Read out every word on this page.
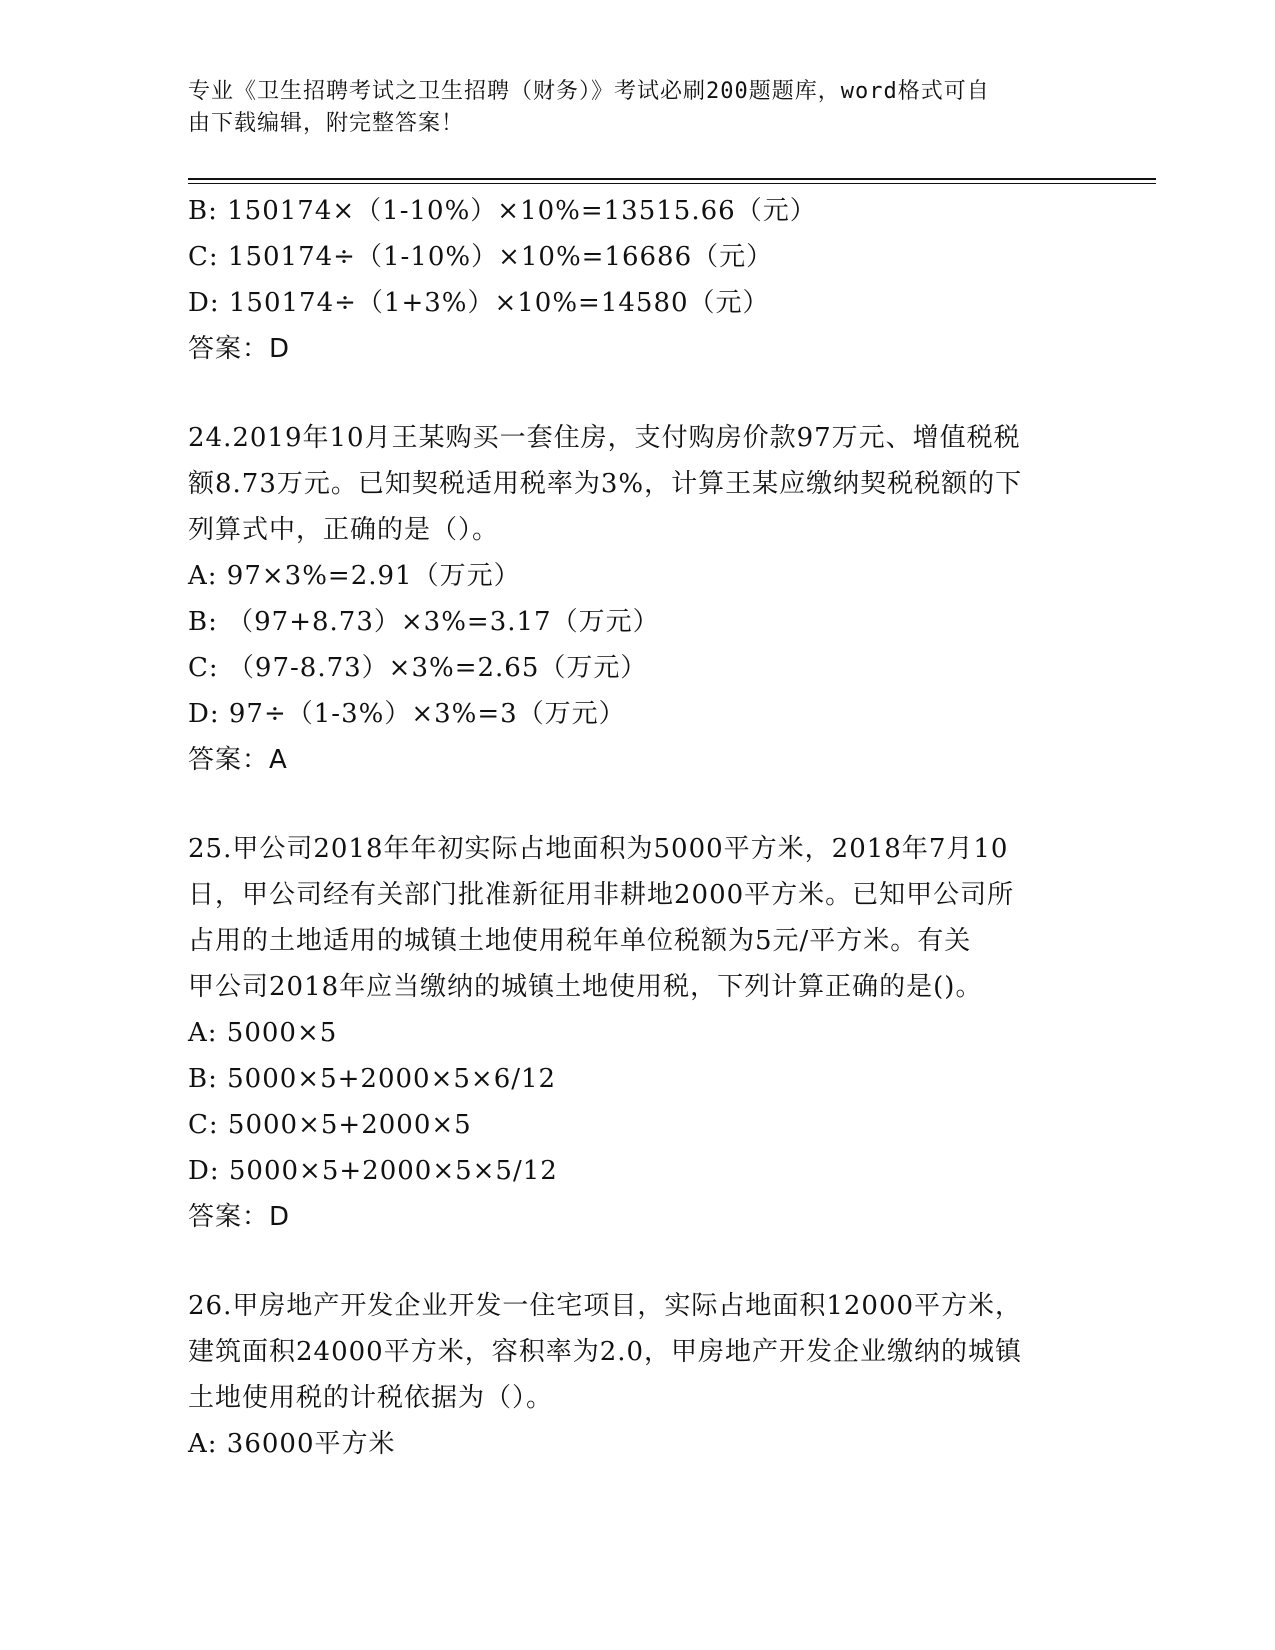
专业《卫生招聘考试之卫生招聘（财务）》考试必刷200题题库，word格式可自
由下载编辑，附完整答案！
B: 150174×（1-10%）×10%=13515.66（元）
C: 150174÷（1-10%）×10%=16686（元）
D: 150174÷（1+3%）×10%=14580（元）
答案：D
24.2019年10月王某购买一套住房，支付购房价款97万元、增值税税
额8.73万元。已知契税适用税率为3%，计算王某应缴纳契税税额的下
列算式中，正确的是（）。
A: 97×3%=2.91（万元）
B: （97+8.73）×3%=3.17（万元）
C: （97-8.73）×3%=2.65（万元）
D: 97÷（1-3%）×3%=3（万元）
答案：A
25.甲公司2018年年初实际占地面积为5000平方米，2018年7月10
日，甲公司经有关部门批准新征用非耕地2000平方米。已知甲公司所
占用的土地适用的城镇土地使用税年单位税额为5元/平方米。有关
甲公司2018年应当缴纳的城镇土地使用税，下列计算正确的是()。
A: 5000×5
B: 5000×5+2000×5×6/12
C: 5000×5+2000×5
D: 5000×5+2000×5×5/12
答案：D
26.甲房地产开发企业开发一住宅项目，实际占地面积12000平方米，
建筑面积24000平方米，容积率为2.0，甲房地产开发企业缴纳的城镇
土地使用税的计税依据为（）。
A: 36000平方米
